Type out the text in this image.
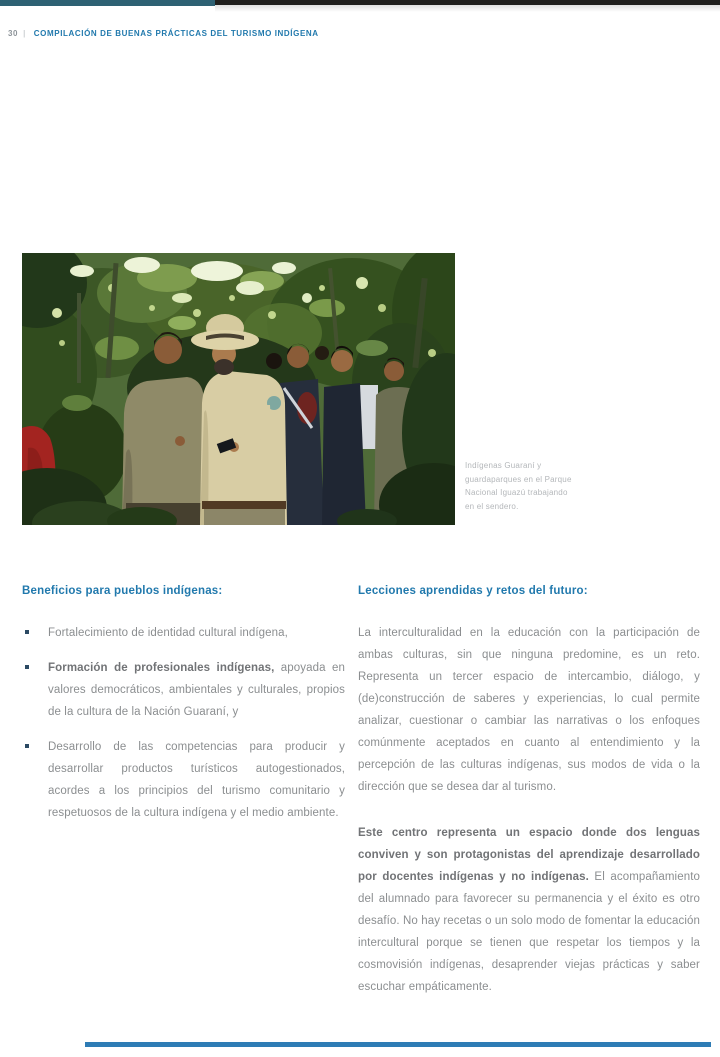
30 | COMPILACIÓN DE BUENAS PRÁCTICAS DEL TURISMO INDÍGENA
Indígenas Guaraní y
guardaparques en el Parque
Nacional Iguazú trabajando
en el sendero.
Beneficios para pueblos indígenas:
Fortalecimiento de identidad cultural indígena,
Formación de profesionales indígenas, apoyada en valores democráticos, ambientales y culturales, propios de la cultura de la Nación Guaraní, y
Desarrollo de las competencias para producir y desarrollar productos turísticos autogestionados, acordes a los principios del turismo comunitario y respetuosos de la cultura indígena y el medio ambiente.
Lecciones aprendidas y retos del futuro:
La interculturalidad en la educación con la participación de ambas culturas, sin que ninguna predomine, es un reto. Representa un tercer espacio de intercambio, diálogo, y (de)construcción de saberes y experiencias, lo cual permite analizar, cuestionar o cambiar las narrativas o los enfoques comúnmente aceptados en cuanto al entendimiento y la percepción de las culturas indígenas, sus modos de vida o la dirección que se desea dar al turismo.
Este centro representa un espacio donde dos lenguas conviven y son protagonistas del aprendizaje desarrollado por docentes indígenas y no indígenas. El acompañamiento del alumnado para favorecer su permanencia y el éxito es otro desafío. No hay recetas o un solo modo de fomentar la educación intercultural porque se tienen que respetar los tiempos y la cosmovisión indígenas, desaprender viejas prácticas y saber escuchar empáticamente.
